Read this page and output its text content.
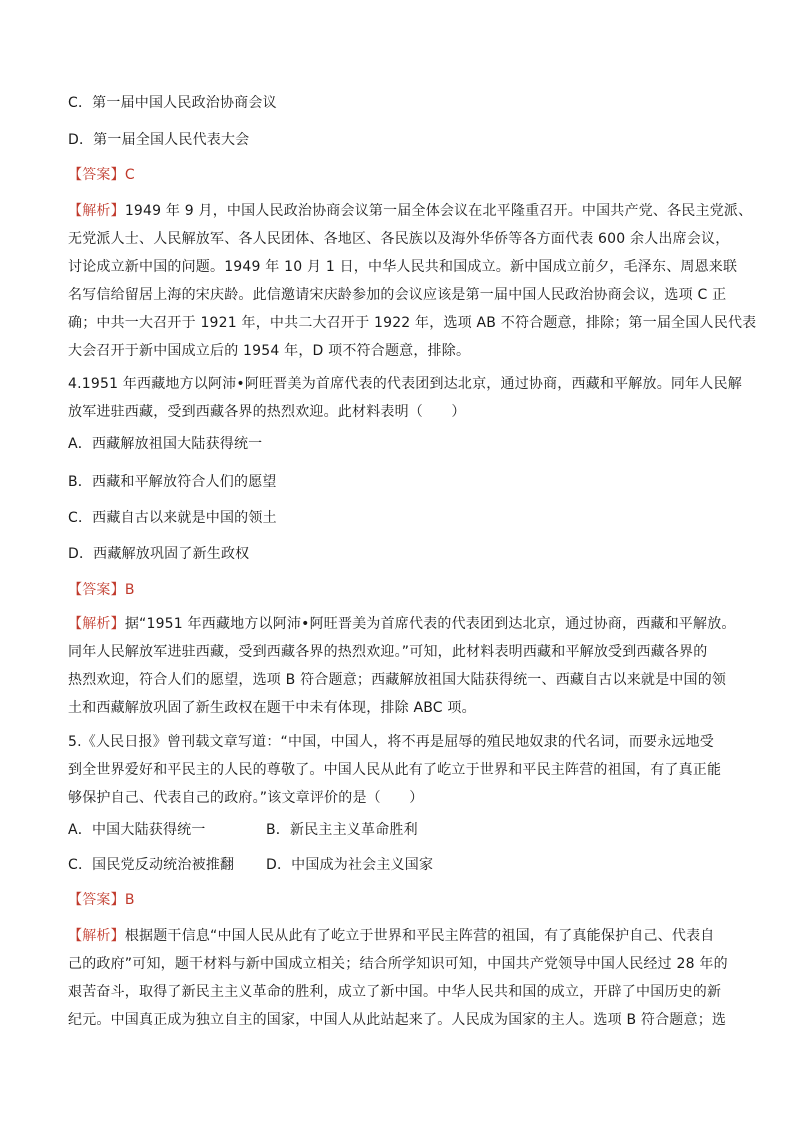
C．第一届中国人民政治协商会议
D．第一届全国人民代表大会
【答案】C
【解析】1949 年 9 月，中国人民政治协商会议第一届全体会议在北平隆重召开。中国共产党、各民主党派、
无党派人士、人民解放军、各人民团体、各地区、各民族以及海外华侨等各方面代表 600 余人出席会议，
讨论成立新中国的问题。1949 年 10 月 1 日，中华人民共和国成立。新中国成立前夕，毛泽东、周恩来联
名写信给留居上海的宋庆龄。此信邀请宋庆龄参加的会议应该是第一届中国人民政治协商会议，选项 C 正
确；中共一大召开于 1921 年，中共二大召开于 1922 年，选项 AB 不符合题意，排除；第一届全国人民代表
大会召开于新中国成立后的 1954 年，D 项不符合题意，排除。
4.1951 年西藏地方以阿沛•阿旺晋美为首席代表的代表团到达北京，通过协商，西藏和平解放。同年人民解
放军进驻西藏，受到西藏各界的热烈欢迎。此材料表明（　　）
A．西藏解放祖国大陆获得统一
B．西藏和平解放符合人们的愿望
C．西藏自古以来就是中国的领土
D．西藏解放巩固了新生政权
【答案】B
【解析】据“1951 年西藏地方以阿沛•阿旺晋美为首席代表的代表团到达北京，通过协商，西藏和平解放。
同年人民解放军进驻西藏，受到西藏各界的热烈欢迎。”可知，此材料表明西藏和平解放受到西藏各界的
热烈欢迎，符合人们的愿望，选项 B 符合题意；西藏解放祖国大陆获得统一、西藏自古以来就是中国的领
土和西藏解放巩固了新生政权在题干中未有体现，排除 ABC 项。
5.《人民日报》曾刊载文章写道：“中国，中国人，将不再是屈辱的殖民地奴隶的代名词，而要永远地受
到全世界爱好和平民主的人民的尊敬了。中国人民从此有了屹立于世界和平民主阵营的祖国，有了真正能
够保护自己、代表自己的政府。”该文章评价的是（　　）
A．中国大陆获得统一	B．新民主主义革命胜利
C．国民党反动统治被推翻	D．中国成为社会主义国家
【答案】B
【解析】根据题干信息“中国人民从此有了屹立于世界和平民主阵营的祖国，有了真能保护自己、代表自
己的政府”可知，题干材料与新中国成立相关；结合所学知识可知，中国共产党领导中国人民经过 28 年的
艰苦奋斗，取得了新民主主义革命的胜利，成立了新中国。中华人民共和国的成立，开辟了中国历史的新
纪元。中国真正成为独立自主的国家，中国人从此站起来了。人民成为国家的主人。选项 B 符合题意；选
